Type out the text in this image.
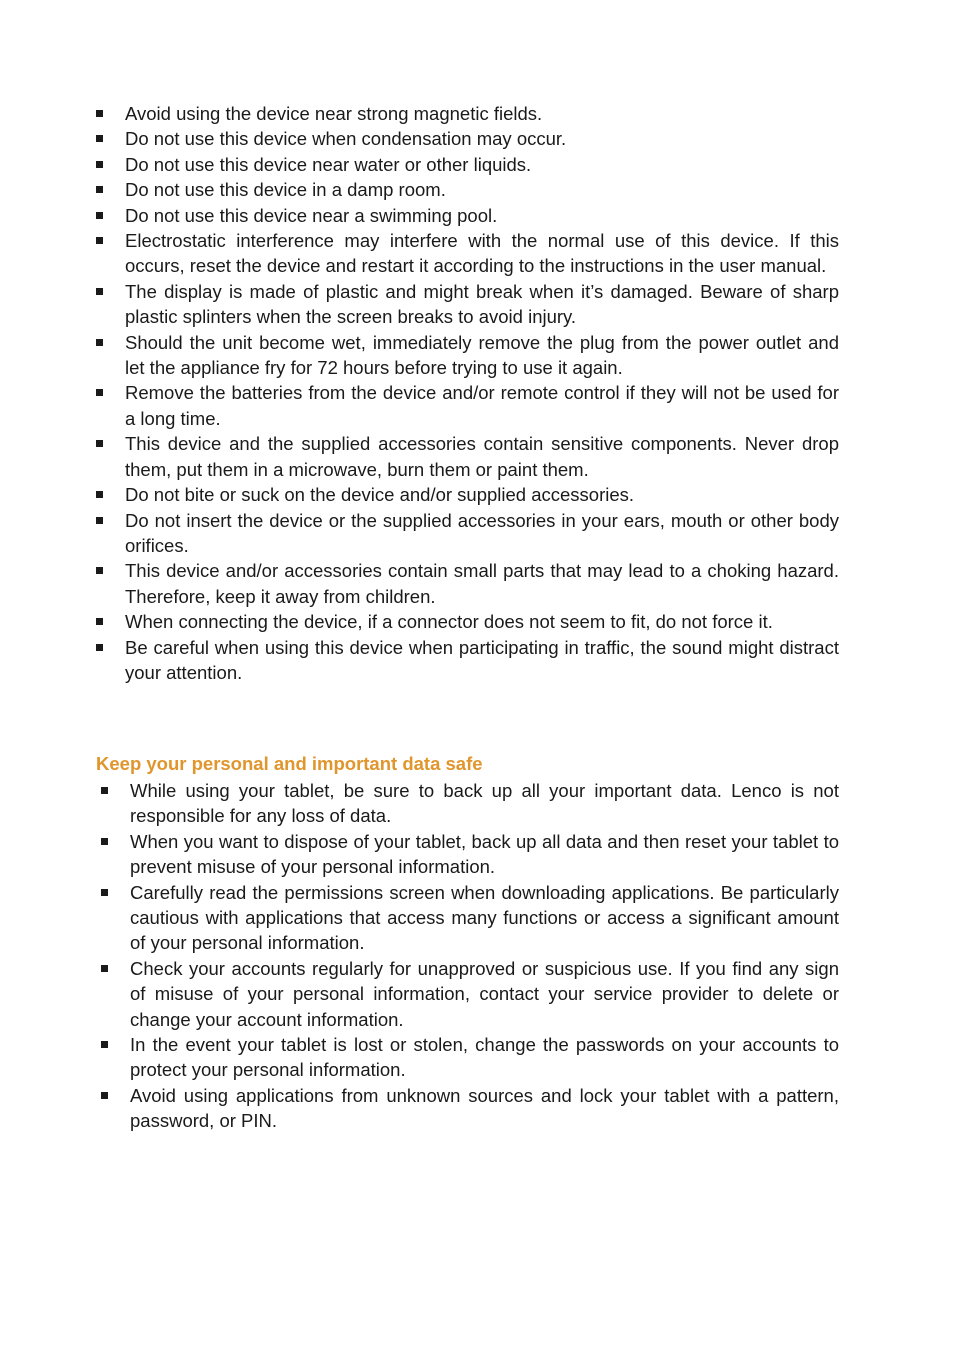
Avoid using the device near strong magnetic fields.
Do not use this device when condensation may occur.
Do not use this device near water or other liquids.
Do not use this device in a damp room.
Do not use this device near a swimming pool.
Electrostatic interference may interfere with the normal use of this device. If this occurs, reset the device and restart it according to the instructions in the user manual.
The display is made of plastic and might break when it’s damaged. Beware of sharp plastic splinters when the screen breaks to avoid injury.
Should the unit become wet, immediately remove the plug from the power outlet and let the appliance fry for 72 hours before trying to use it again.
Remove the batteries from the device and/or remote control if they will not be used for a long time.
This device and the supplied accessories contain sensitive components. Never drop them, put them in a microwave, burn them or paint them.
Do not bite or suck on the device and/or supplied accessories.
Do not insert the device or the supplied accessories in your ears, mouth or other body orifices.
This device and/or accessories contain small parts that may lead to a choking hazard. Therefore, keep it away from children.
When connecting the device, if a connector does not seem to fit, do not force it.
Be careful when using this device when participating in traffic, the sound might distract your attention.
Keep your personal and important data safe
While using your tablet, be sure to back up all your important data. Lenco is not responsible for any loss of data.
When you want to dispose of your tablet, back up all data and then reset your tablet to prevent misuse of your personal information.
Carefully read the permissions screen when downloading applications. Be particularly cautious with applications that access many functions or access a significant amount of your personal information.
Check your accounts regularly for unapproved or suspicious use. If you find any sign of misuse of your personal information, contact your service provider to delete or change your account information.
In the event your tablet is lost or stolen, change the passwords on your accounts to protect your personal information.
Avoid using applications from unknown sources and lock your tablet with a pattern, password, or PIN.
